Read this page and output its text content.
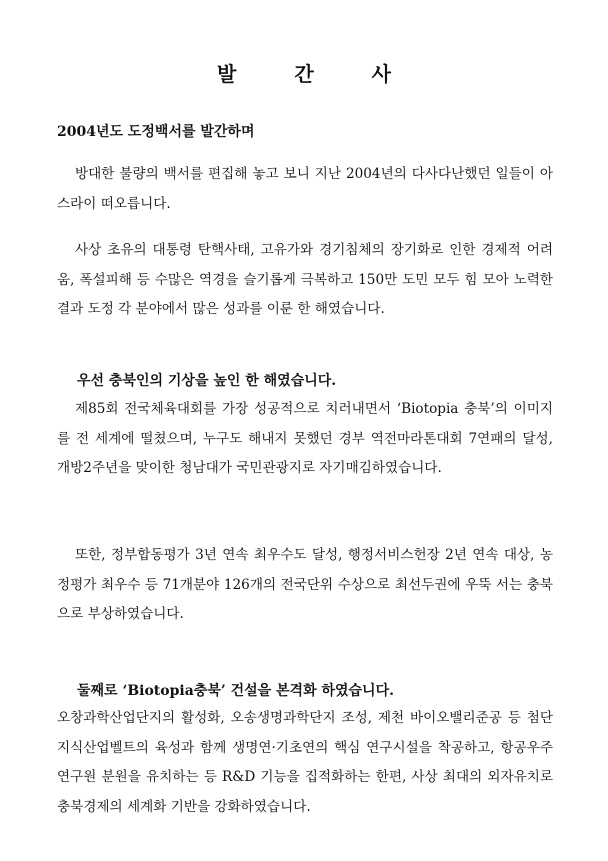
발	간	사
2004년도 도정백서를 발간하며
방대한 불량의 백서를 편집해 놓고 보니 지난 2004년의 다사다난했던 일들이 아스라이 떠오릅니다.
사상 초유의 대통령 탄핵사태, 고유가와 경기침체의 장기화로 인한 경제적 어려움, 폭설피해 등 수많은 역경을 슬기롭게 극복하고 150만 도민 모두 힘 모아 노력한 결과 도정 각 분야에서 많은 성과를 이룬 한 해였습니다.
우선 충북인의 기상을 높인 한 해였습니다.
제85회 전국체육대회를 가장 성공적으로 치러내면서 ‘Biotopia 충북’의 이미지를 전 세계에 떨쳤으며, 누구도 해내지 못했던 경부 역전마라톤대회 7연패의 달성, 개방2주년을 맞이한 청남대가 국민관광지로 자기매김하였습니다.
또한, 정부합동평가 3년 연속 최우수도 달성, 행정서비스헌장 2년 연속 대상, 농정평가 최우수 등 71개분야 126개의 전국단위 수상으로 최선두권에 우뚝 서는 충북으로 부상하였습니다.
둘째로 ‘Biotopia충북’ 건설을 본격화 하였습니다.
오창과학산업단지의 활성화, 오송생명과학단지 조성, 제천 바이오밸리준공 등 첨단지식산업벨트의 육성과 함께 생명연·기초연의 핵심 연구시설을 착공하고, 항공우주연구원 분원을 유치하는 등 R&D 기능을 집적화하는 한편, 사상 최대의 외자유치로 충북경제의 세계화 기반을 강화하였습니다.
